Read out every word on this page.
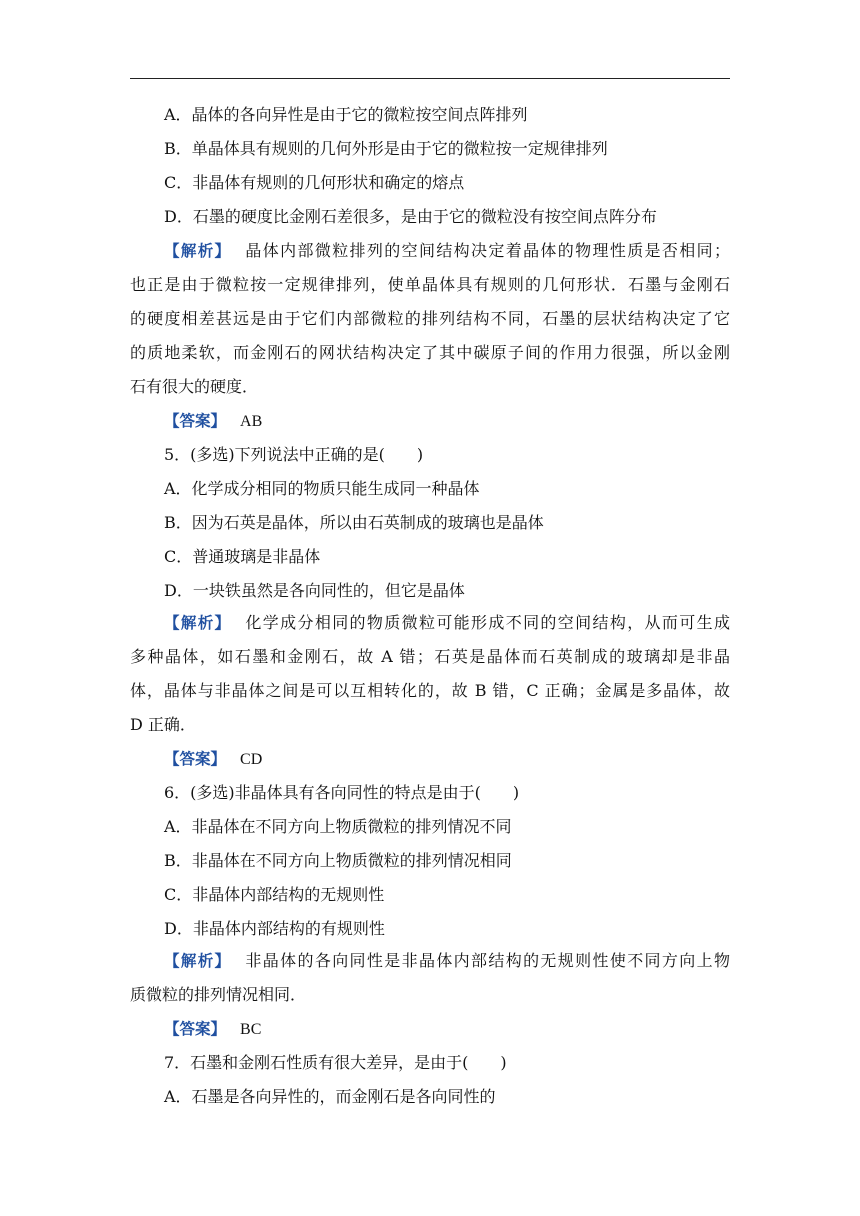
A．晶体的各向异性是由于它的微粒按空间点阵排列
B．单晶体具有规则的几何外形是由于它的微粒按一定规律排列
C．非晶体有规则的几何形状和确定的熔点
D．石墨的硬度比金刚石差很多，是由于它的微粒没有按空间点阵分布
【解析】 晶体内部微粒排列的空间结构决定着晶体的物理性质是否相同；
也正是由于微粒按一定规律排列，使单晶体具有规则的几何形状．石墨与金刚石
的硬度相差甚远是由于它们内部微粒的排列结构不同，石墨的层状结构决定了它
的质地柔软，而金刚石的网状结构决定了其中碳原子间的作用力很强，所以金刚
石有很大的硬度．
【答案】 AB
5．(多选)下列说法中正确的是(　　)
A．化学成分相同的物质只能生成同一种晶体
B．因为石英是晶体，所以由石英制成的玻璃也是晶体
C．普通玻璃是非晶体
D．一块铁虽然是各向同性的，但它是晶体
【解析】 化学成分相同的物质微粒可能形成不同的空间结构，从而可生成
多种晶体，如石墨和金刚石，故 A 错；石英是晶体而石英制成的玻璃却是非晶
体，晶体与非晶体之间是可以互相转化的，故 B 错，C 正确；金属是多晶体，故
D 正确．
【答案】 CD
6．(多选)非晶体具有各向同性的特点是由于(　　)
A．非晶体在不同方向上物质微粒的排列情况不同
B．非晶体在不同方向上物质微粒的排列情况相同
C．非晶体内部结构的无规则性
D．非晶体内部结构的有规则性
【解析】 非晶体的各向同性是非晶体内部结构的无规则性使不同方向上物
质微粒的排列情况相同．
【答案】 BC
7．石墨和金刚石性质有很大差异，是由于(　　)
A．石墨是各向异性的，而金刚石是各向同性的
